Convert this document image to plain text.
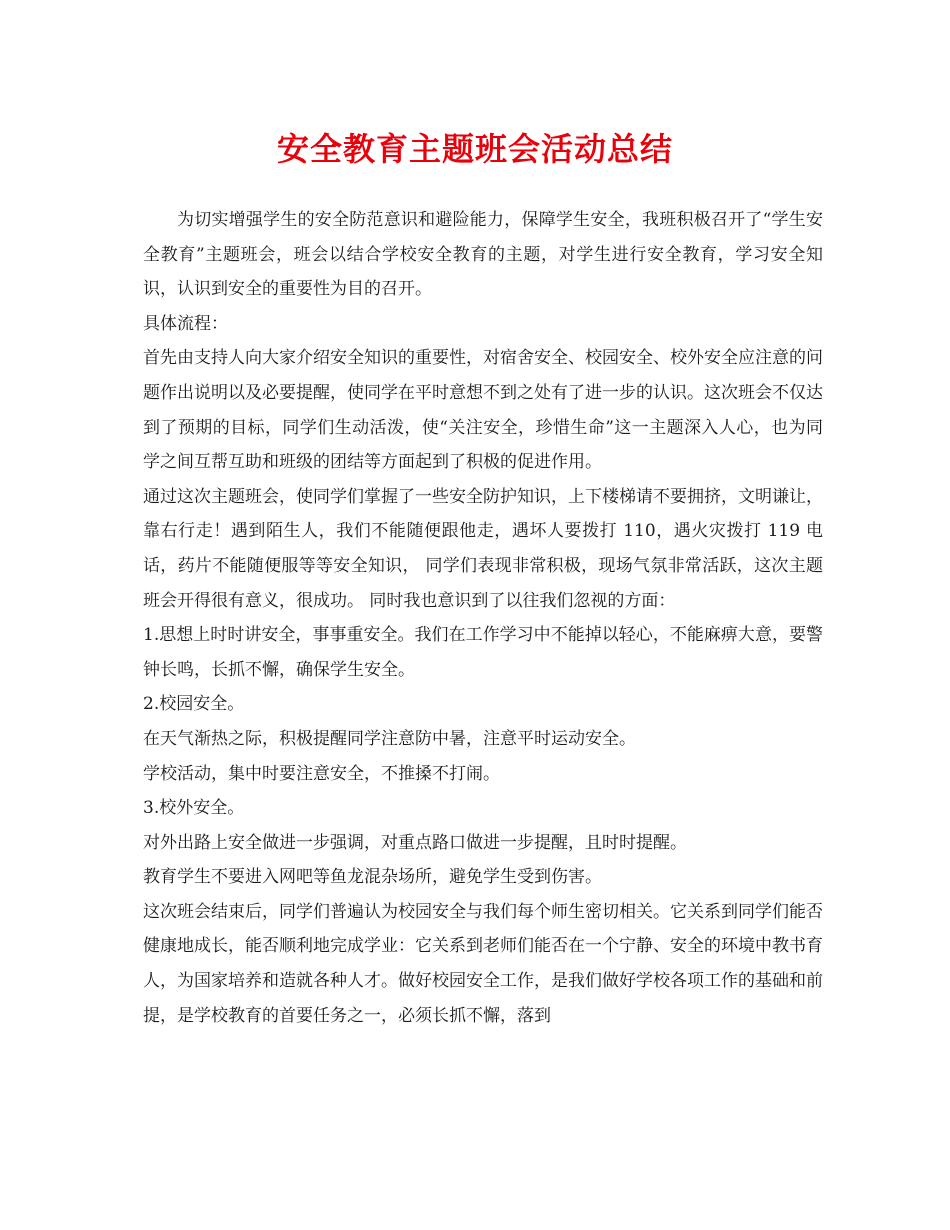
安全教育主题班会活动总结

为切实增强学生的安全防范意识和避险能力，保障学生安全，我班积极召开了“学生安全教育”主题班会，班会以结合学校安全教育的主题，对学生进行安全教育，学习安全知识，认识到安全的重要性为目的召开。

具体流程：

首先由支持人向大家介绍安全知识的重要性，对宿舍安全、校园安全、校外安全应注意的问题作出说明以及必要提醒，使同学在平时意想不到之处有了进一步的认识。这次班会不仅达到了预期的目标，同学们生动活泼，使“关注安全，珍惜生命”这一主题深入人心，也为同学之间互帮互助和班级的团结等方面起到了积极的促进作用。

通过这次主题班会，使同学们掌握了一些安全防护知识，上下楼梯请不要拥挤，文明谦让，靠右行走！遇到陌生人，我们不能随便跟他走，遇坏人要拨打 110，遇火灾拨打 119 电话，药片不能随便服等等安全知识， 同学们表现非常积极，现场气氛非常活跃，这次主题班会开得很有意义，很成功。 同时我也意识到了以往我们忽视的方面：

1.思想上时时讲安全，事事重安全。我们在工作学习中不能掉以轻心，不能麻痹大意，要警钟长鸣，长抓不懈，确保学生安全。

2.校园安全。

在天气渐热之际，积极提醒同学注意防中暑，注意平时运动安全。

学校活动，集中时要注意安全，不推搡不打闹。

3.校外安全。

对外出路上安全做进一步强调，对重点路口做进一步提醒，且时时提醒。

教育学生不要进入网吧等鱼龙混杂场所，避免学生受到伤害。

这次班会结束后，同学们普遍认为校园安全与我们每个师生密切相关。它关系到同学们能否健康地成长，能否顺利地完成学业：它关系到老师们能否在一个宁静、安全的环境中教书育人，为国家培养和造就各种人才。做好校园安全工作，是我们做好学校各项工作的基础和前提，是学校教育的首要任务之一，必须长抓不懈，落到
